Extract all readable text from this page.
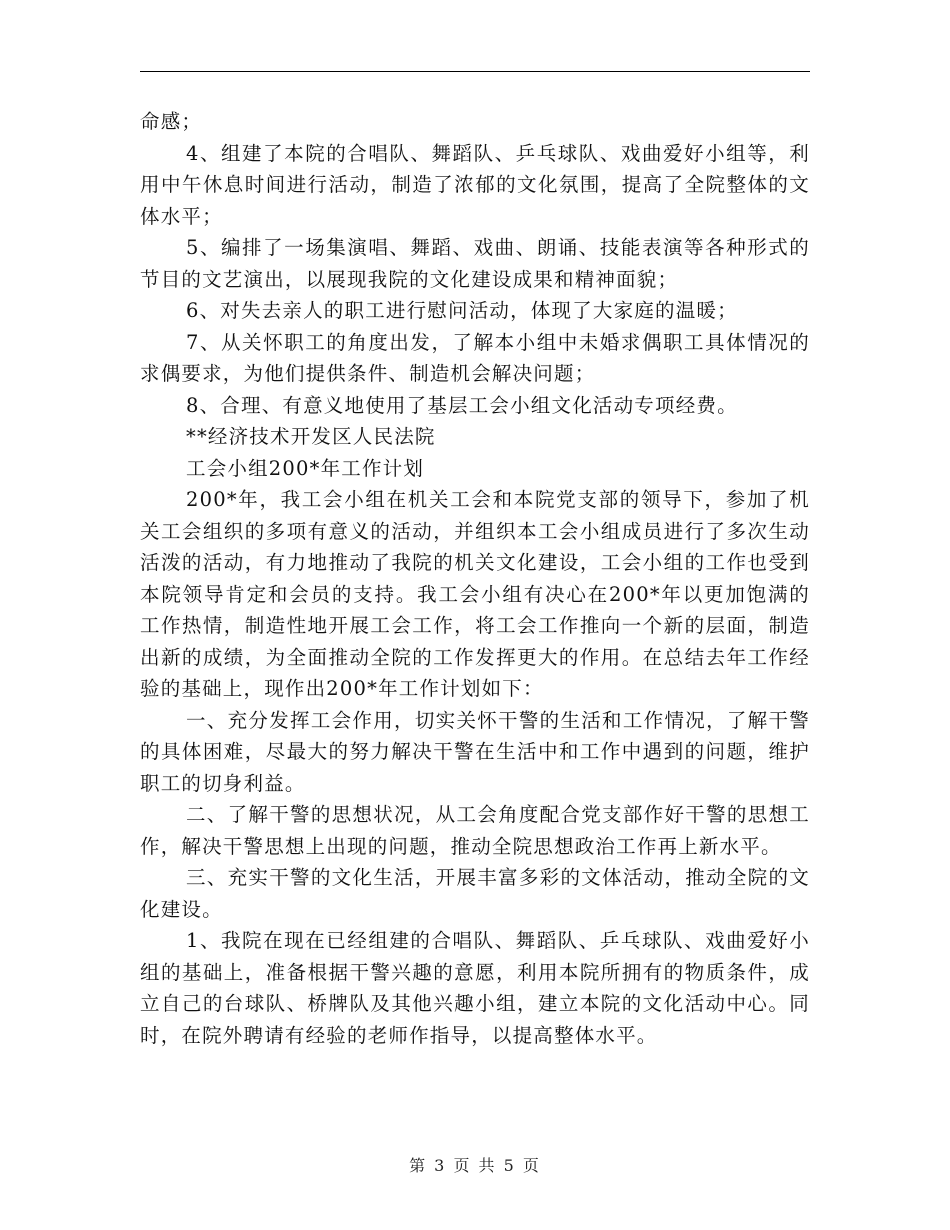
命感；

4、组建了本院的合唱队、舞蹈队、乒乓球队、戏曲爱好小组等，利用中午休息时间进行活动，制造了浓郁的文化氛围，提高了全院整体的文体水平；

5、编排了一场集演唱、舞蹈、戏曲、朗诵、技能表演等各种形式的节目的文艺演出，以展现我院的文化建设成果和精神面貌；

6、对失去亲人的职工进行慰问活动，体现了大家庭的温暖；

7、从关怀职工的角度出发，了解本小组中未婚求偶职工具体情况的求偶要求，为他们提供条件、制造机会解决问题；

8、合理、有意义地使用了基层工会小组文化活动专项经费。

**经济技术开发区人民法院

工会小组200*年工作计划

200*年，我工会小组在机关工会和本院党支部的领导下，参加了机关工会组织的多项有意义的活动，并组织本工会小组成员进行了多次生动活泼的活动，有力地推动了我院的机关文化建设，工会小组的工作也受到本院领导肯定和会员的支持。我工会小组有决心在200*年以更加饱满的工作热情，制造性地开展工会工作，将工会工作推向一个新的层面，制造出新的成绩，为全面推动全院的工作发挥更大的作用。在总结去年工作经验的基础上，现作出200*年工作计划如下：

一、充分发挥工会作用，切实关怀干警的生活和工作情况，了解干警的具体困难，尽最大的努力解决干警在生活中和工作中遇到的问题，维护职工的切身利益。

二、了解干警的思想状况，从工会角度配合党支部作好干警的思想工作，解决干警思想上出现的问题，推动全院思想政治工作再上新水平。

三、充实干警的文化生活，开展丰富多彩的文体活动，推动全院的文化建设。

1、我院在现在已经组建的合唱队、舞蹈队、乒乓球队、戏曲爱好小组的基础上，准备根据干警兴趣的意愿，利用本院所拥有的物质条件，成立自己的台球队、桥牌队及其他兴趣小组，建立本院的文化活动中心。同时，在院外聘请有经验的老师作指导，以提高整体水平。

第 3 页 共 5 页
